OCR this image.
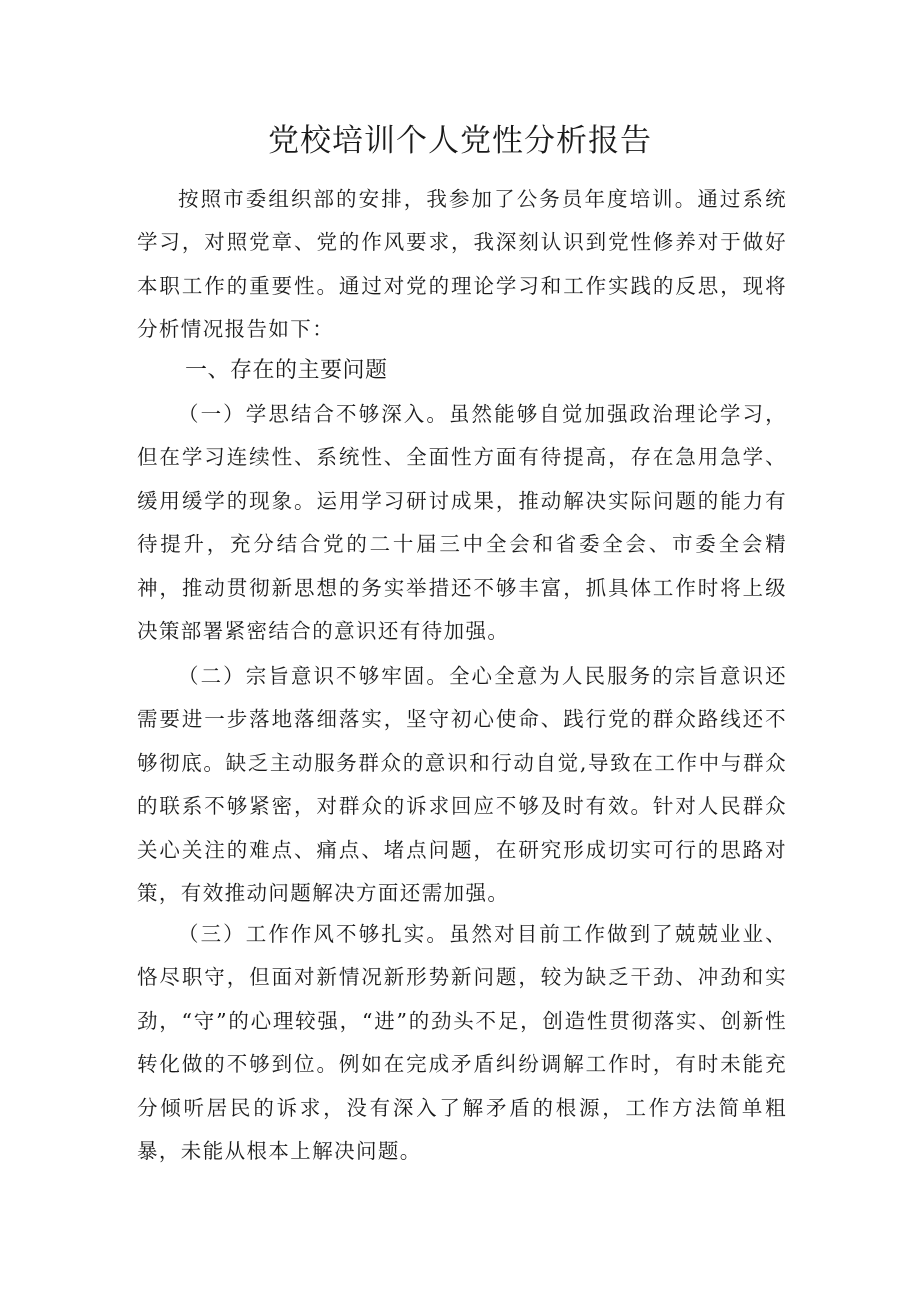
党校培训个人党性分析报告

按照市委组织部的安排，我参加了公务员年度培训。通过系统学习，对照党章、党的作风要求，我深刻认识到党性修养对于做好本职工作的重要性。通过对党的理论学习和工作实践的反思，现将分析情况报告如下：

一、存在的主要问题

（一）学思结合不够深入。虽然能够自觉加强政治理论学习，但在学习连续性、系统性、全面性方面有待提高，存在急用急学、缓用缓学的现象。运用学习研讨成果，推动解决实际问题的能力有待提升，充分结合党的二十届三中全会和省委全会、市委全会精神，推动贯彻新思想的务实举措还不够丰富，抓具体工作时将上级决策部署紧密结合的意识还有待加强。

（二）宗旨意识不够牢固。全心全意为人民服务的宗旨意识还需要进一步落地落细落实，坚守初心使命、践行党的群众路线还不够彻底。缺乏主动服务群众的意识和行动自觉,导致在工作中与群众的联系不够紧密，对群众的诉求回应不够及时有效。针对人民群众关心关注的难点、痛点、堵点问题，在研究形成切实可行的思路对策，有效推动问题解决方面还需加强。

（三）工作作风不够扎实。虽然对目前工作做到了兢兢业业、恪尽职守，但面对新情况新形势新问题，较为缺乏干劲、冲劲和实劲，“守”的心理较强，“进”的劲头不足，创造性贯彻落实、创新性转化做的不够到位。例如在完成矛盾纠纷调解工作时，有时未能充分倾听居民的诉求，没有深入了解矛盾的根源，工作方法简单粗暴，未能从根本上解决问题。
